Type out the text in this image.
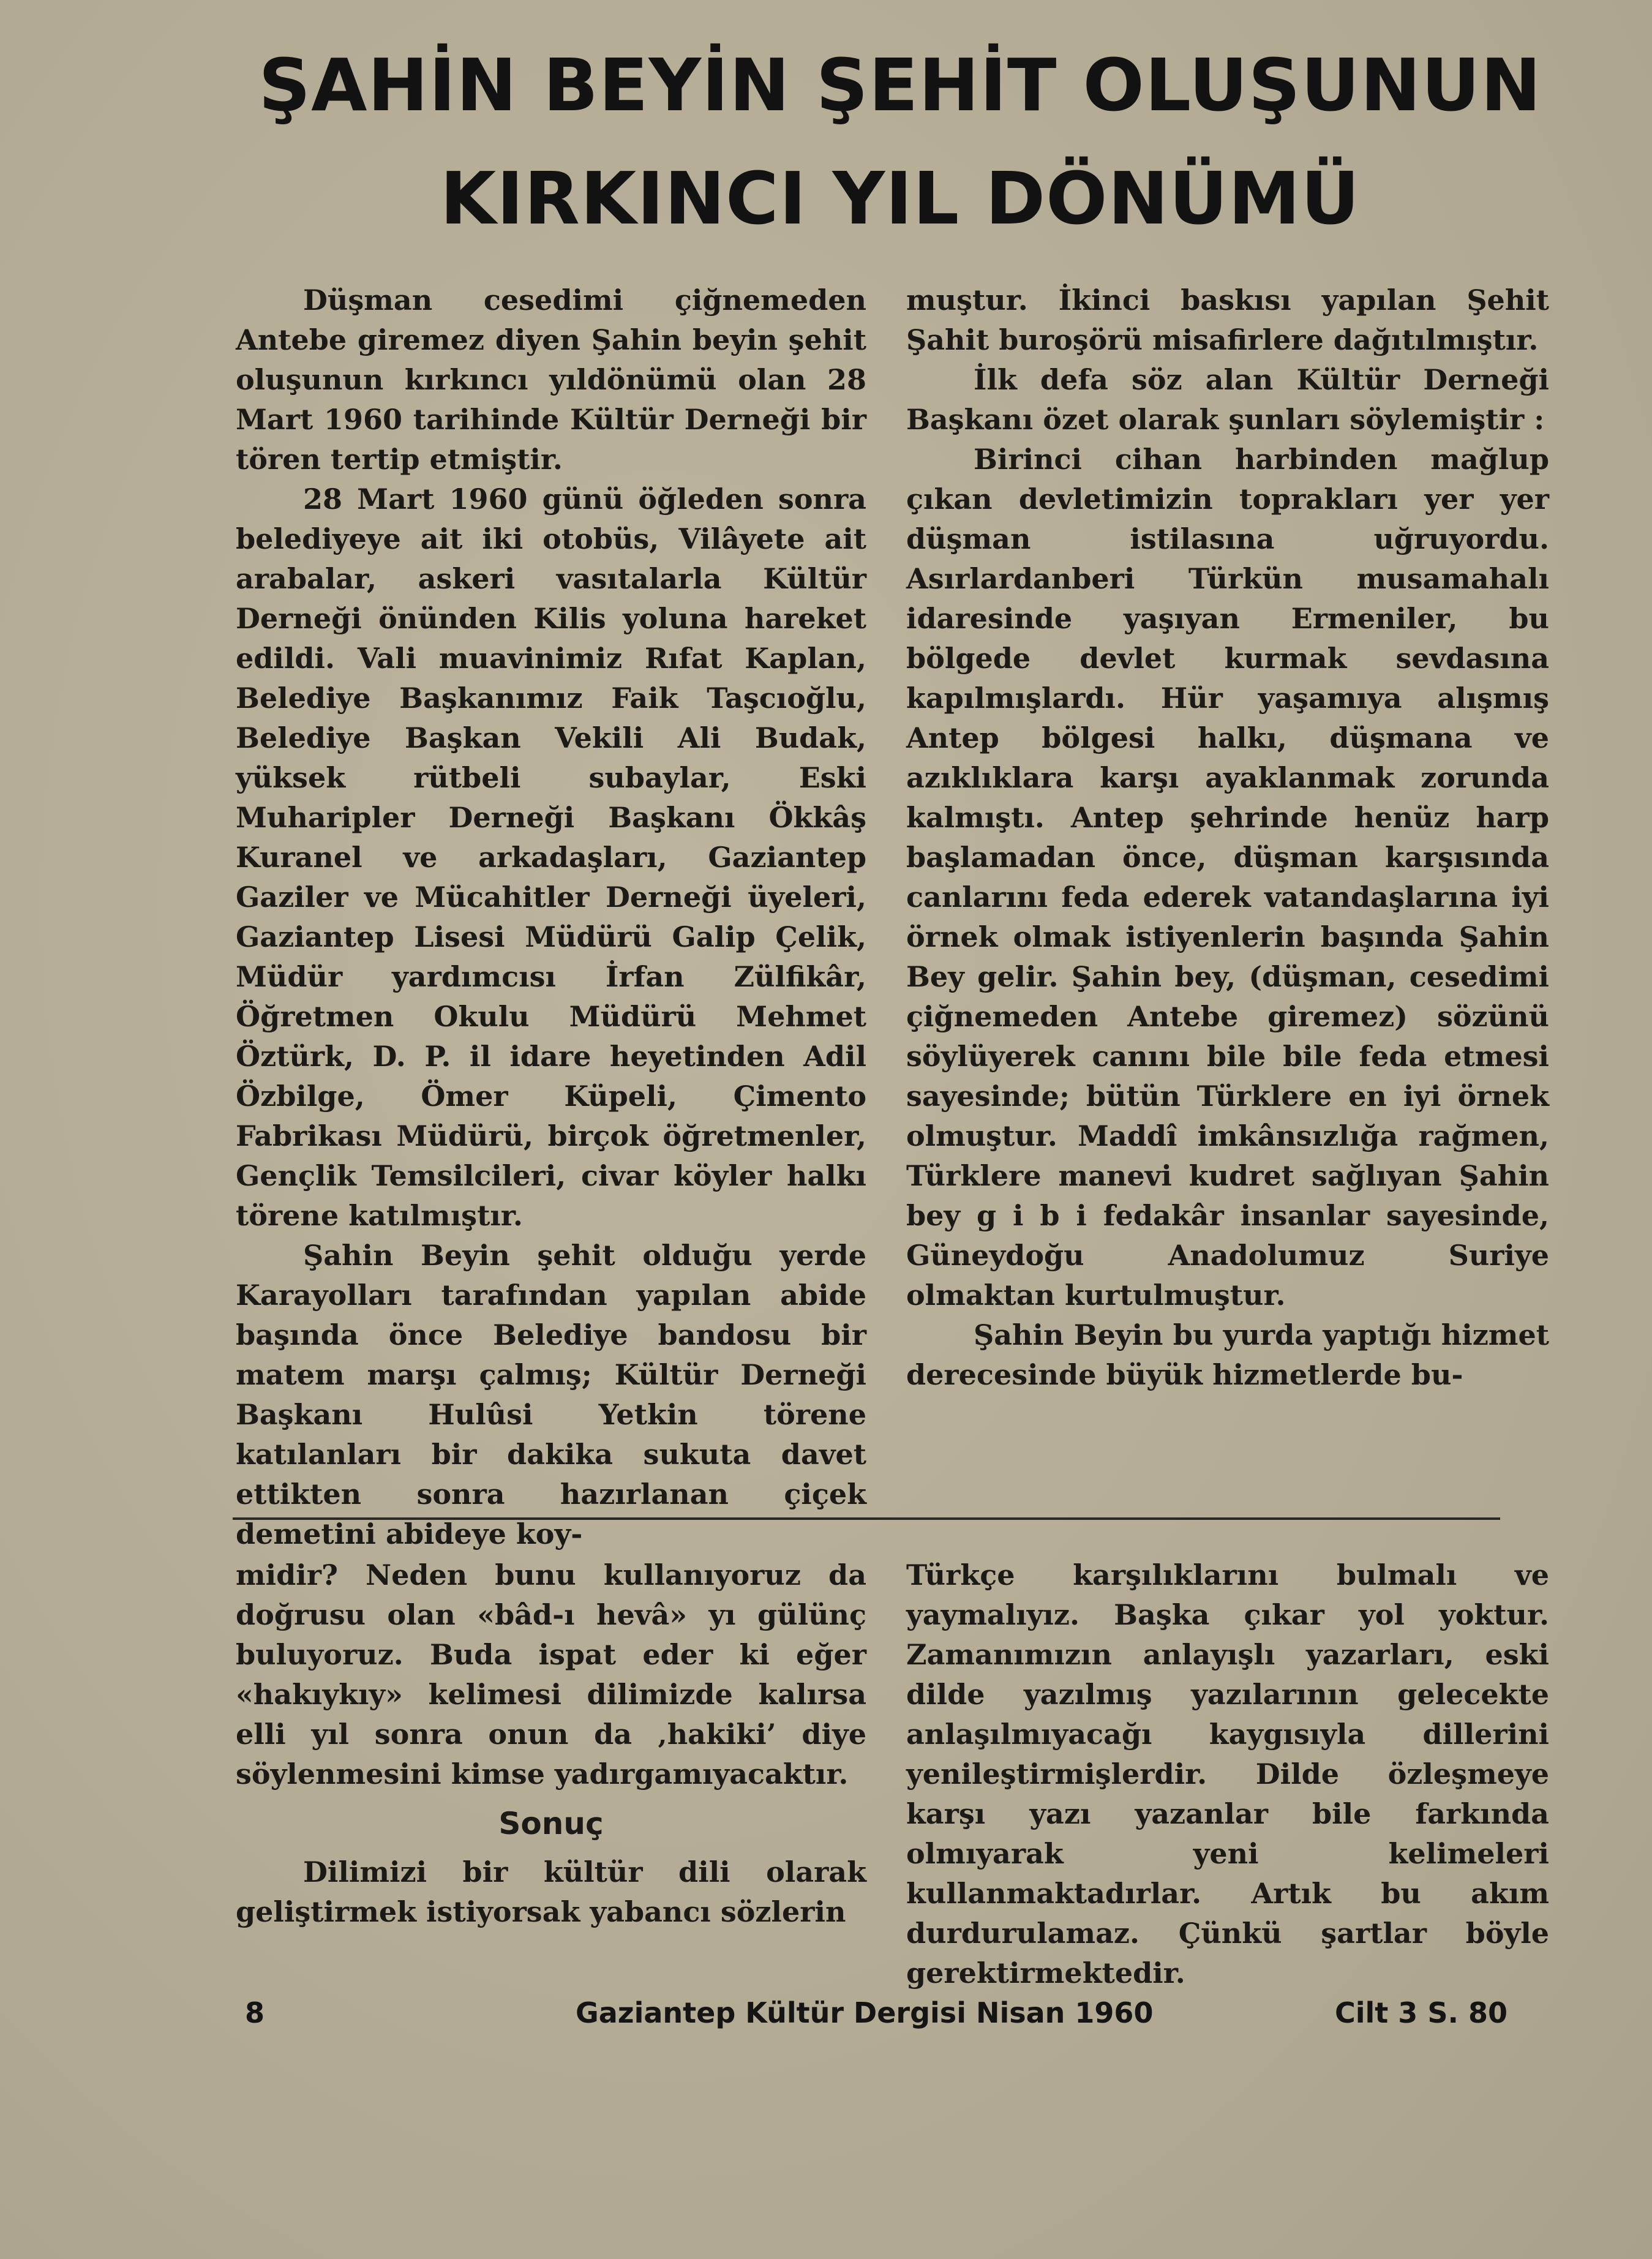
ŞAHİN BEYİN ŞEHİT OLUŞUNUN
KIRKINCI YIL DÖNÜMÜ

Düşman cesedimi çiğnemeden Antebe giremez diyen Şahin beyin şehit oluşunun kırkıncı yıldönümü olan 28 Mart 1960 tarihinde Kültür Derneği bir tören tertip etmiştir.

28 Mart 1960 günü öğleden sonra belediyeye ait iki otobüs, Vilâyete ait arabalar, askeri vasıtalarla Kültür Derneği önünden Kilis yoluna hareket edildi. Vali muavinimiz Rıfat Kaplan, Belediye Başkanımız Faik Taşcıoğlu, Belediye Başkan Vekili Ali Budak, yüksek rütbeli subaylar, Eski Muharipler Derneği Başkanı Ökkâş Kuranel ve arkadaşları, Gaziantep Gaziler ve Mücahitler Derneği üyeleri, Gaziantep Lisesi Müdürü Galip Çelik, Müdür yardımcısı İrfan Zülfikâr, Öğretmen Okulu Müdürü Mehmet Öztürk, D. P. il idare heyetinden Adil Özbilge, Ömer Küpeli, Çimento Fabrikası Müdürü, birçok öğretmenler, Gençlik Temsilcileri, civar köyler halkı törene katılmıştır.

Şahin Beyin şehit olduğu yerde Karayolları tarafından yapılan abide başında önce Belediye bandosu bir matem marşı çalmış; Kültür Derneği Başkanı Hulûsi Yetkin törene katılanları bir dakika sukuta davet ettikten sonra hazırlanan çiçek demetini abideye koy-

muştur. İkinci baskısı yapılan Şehit Şahit buroşörü misafirlere dağıtılmıştır.

İlk defa söz alan Kültür Derneği Başkanı özet olarak şunları söylemiştir :

Birinci cihan harbinden mağlup çıkan devletimizin toprakları yer yer düşman istilasına uğruyordu. Asırlardanberi Türkün musamahalı idaresinde yaşıyan Ermeniler, bu bölgede devlet kurmak sevdasına kapılmışlardı. Hür yaşamıya alışmış Antep bölgesi halkı, düşmana ve azıklıklara karşı ayaklanmak zorunda kalmıştı. Antep şehrinde henüz harp başlamadan önce, düşman karşısında canlarını feda ederek vatandaşlarına iyi örnek olmak istiyenlerin başında Şahin Bey gelir. Şahin bey, (düşman, cesedimi çiğnemeden Antebe giremez) sözünü söylüyerek canını bile bile feda etmesi sayesinde; bütün Türklere en iyi örnek olmuştur. Maddî imkânsızlığa rağmen, Türklere manevi kudret sağlıyan Şahin bey g i b i fedakâr insanlar sayesinde, Güneydoğu Anadolumuz Suriye olmaktan kurtulmuştur.

Şahin Beyin bu yurda yaptığı hizmet derecesinde büyük hizmetlerde bu-

midir? Neden bunu kullanıyoruz da doğrusu olan «bâd-ı hevâ» yı gülünç buluyoruz. Buda ispat eder ki eğer «hakıykıy» kelimesi dilimizde kalırsa elli yıl sonra onun da ‚hakiki’ diye söylenmesini kimse yadırgamıyacaktır.

Sonuç

Dilimizi bir kültür dili olarak geliştirmek istiyorsak yabancı sözlerin

Türkçe karşılıklarını bulmalı ve yaymalıyız. Başka çıkar yol yoktur. Zamanımızın anlayışlı yazarları, eski dilde yazılmış yazılarının gelecekte anlaşılmıyacağı kaygısıyla dillerini yenileştirmişlerdir. Dilde özleşmeye karşı yazı yazanlar bile farkında olmıyarak yeni kelimeleri kullanmaktadırlar. Artık bu akım durdurulamaz. Çünkü şartlar böyle gerektirmektedir.

8	Gaziantep Kültür Dergisi Nisan 1960	Cilt 3 S. 80
